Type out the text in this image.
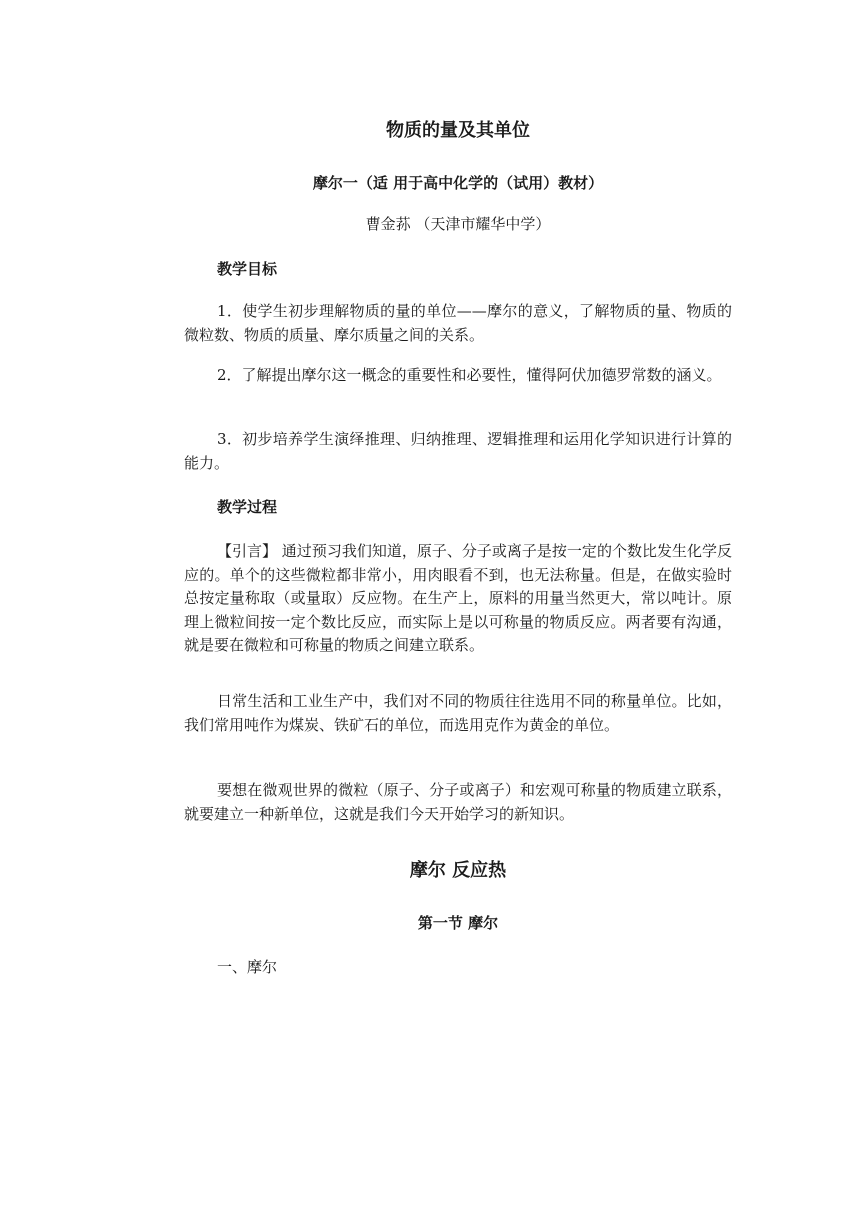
物质的量及其单位
摩尔一（适 用于高中化学的（试用）教材）
曹金荪 （天津市耀华中学）
教学目标

1．使学生初步理解物质的量的单位——摩尔的意义，了解物质的量、物质的微粒数、物质的质量、摩尔质量之间的关系。

2．了解提出摩尔这一概念的重要性和必要性，懂得阿伏加德罗常数的涵义。

3．初步培养学生演绎推理、归纳推理、逻辑推理和运用化学知识进行计算的能力。

教学过程

【引言】 通过预习我们知道，原子、分子或离子是按一定的个数比发生化学反应的。单个的这些微粒都非常小，用肉眼看不到，也无法称量。但是，在做实验时总按定量称取（或量取）反应物。在生产上，原料的用量当然更大，常以吨计。原理上微粒间按一定个数比反应，而实际上是以可称量的物质反应。两者要有沟通，就是要在微粒和可称量的物质之间建立联系。

日常生活和工业生产中，我们对不同的物质往往选用不同的称量单位。比如，我们常用吨作为煤炭、铁矿石的单位，而选用克作为黄金的单位。

要想在微观世界的微粒（原子、分子或离子）和宏观可称量的物质建立联系，就要建立一种新单位，这就是我们今天开始学习的新知识。

摩尔 反应热
第一节 摩尔
一、摩尔
